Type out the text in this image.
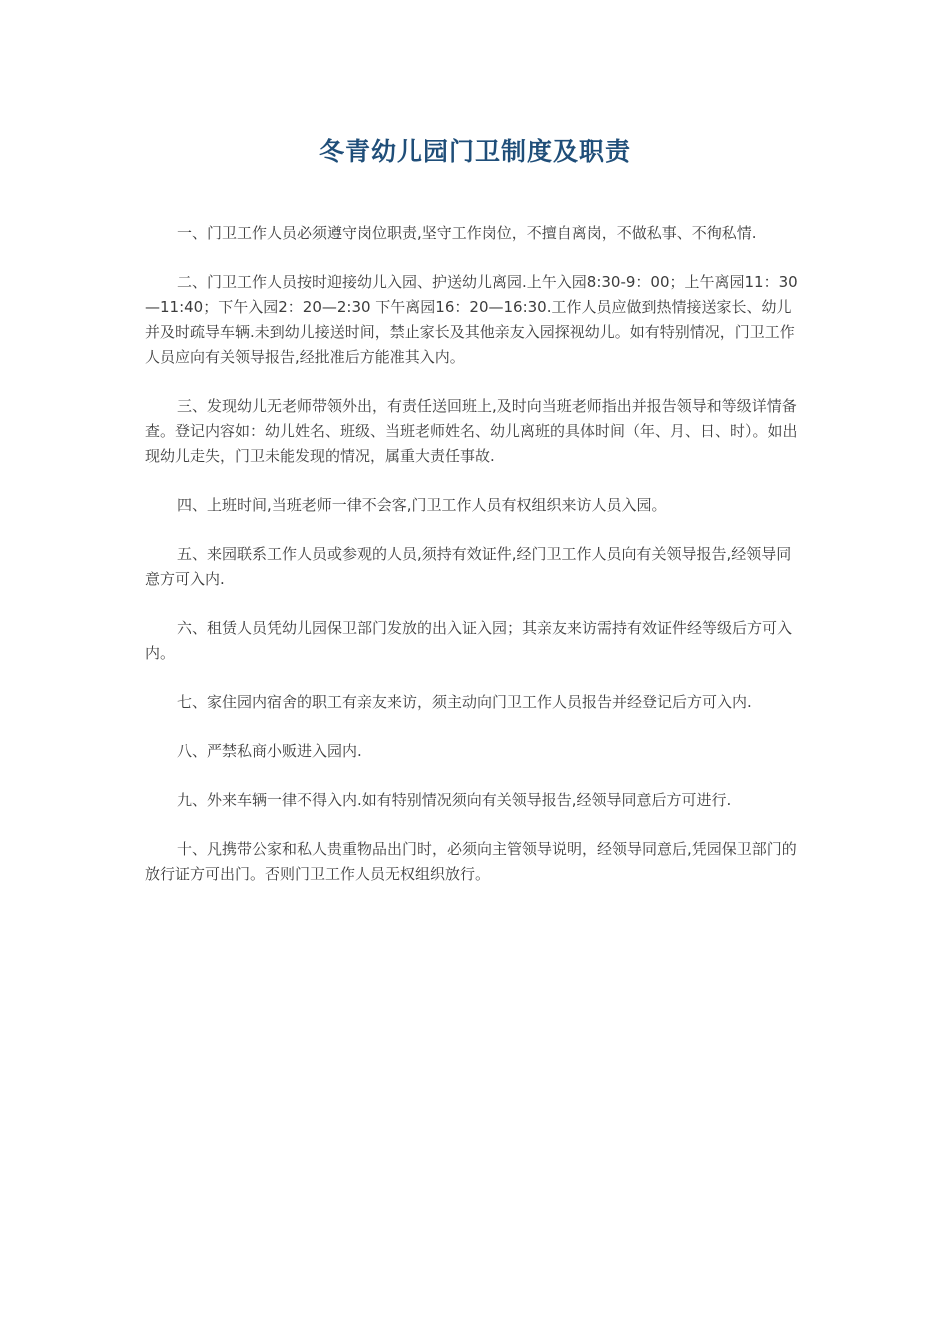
冬青幼儿园门卫制度及职责

一、门卫工作人员必须遵守岗位职责,坚守工作岗位，不擅自离岗，不做私事、不徇私情.

二、门卫工作人员按时迎接幼儿入园、护送幼儿离园.上午入园8:30-9：00；上午离园11：30—11:40；下午入园2：20—2:30 下午离园16：20—16:30.工作人员应做到热情接送家长、幼儿并及时疏导车辆.未到幼儿接送时间，禁止家长及其他亲友入园探视幼儿。如有特别情况，门卫工作人员应向有关领导报告,经批准后方能准其入内。

三、发现幼儿无老师带领外出，有责任送回班上,及时向当班老师指出并报告领导和等级详情备查。登记内容如：幼儿姓名、班级、当班老师姓名、幼儿离班的具体时间（年、月、日、时）。如出现幼儿走失，门卫未能发现的情况，属重大责任事故.

四、上班时间,当班老师一律不会客,门卫工作人员有权组织来访人员入园。

五、来园联系工作人员或参观的人员,须持有效证件,经门卫工作人员向有关领导报告,经领导同意方可入内.

六、租赁人员凭幼儿园保卫部门发放的出入证入园；其亲友来访需持有效证件经等级后方可入内。

七、家住园内宿舍的职工有亲友来访，须主动向门卫工作人员报告并经登记后方可入内.

八、严禁私商小贩进入园内.

九、外来车辆一律不得入内.如有特别情况须向有关领导报告,经领导同意后方可进行.

十、凡携带公家和私人贵重物品出门时，必须向主管领导说明，经领导同意后,凭园保卫部门的放行证方可出门。否则门卫工作人员无权组织放行。
